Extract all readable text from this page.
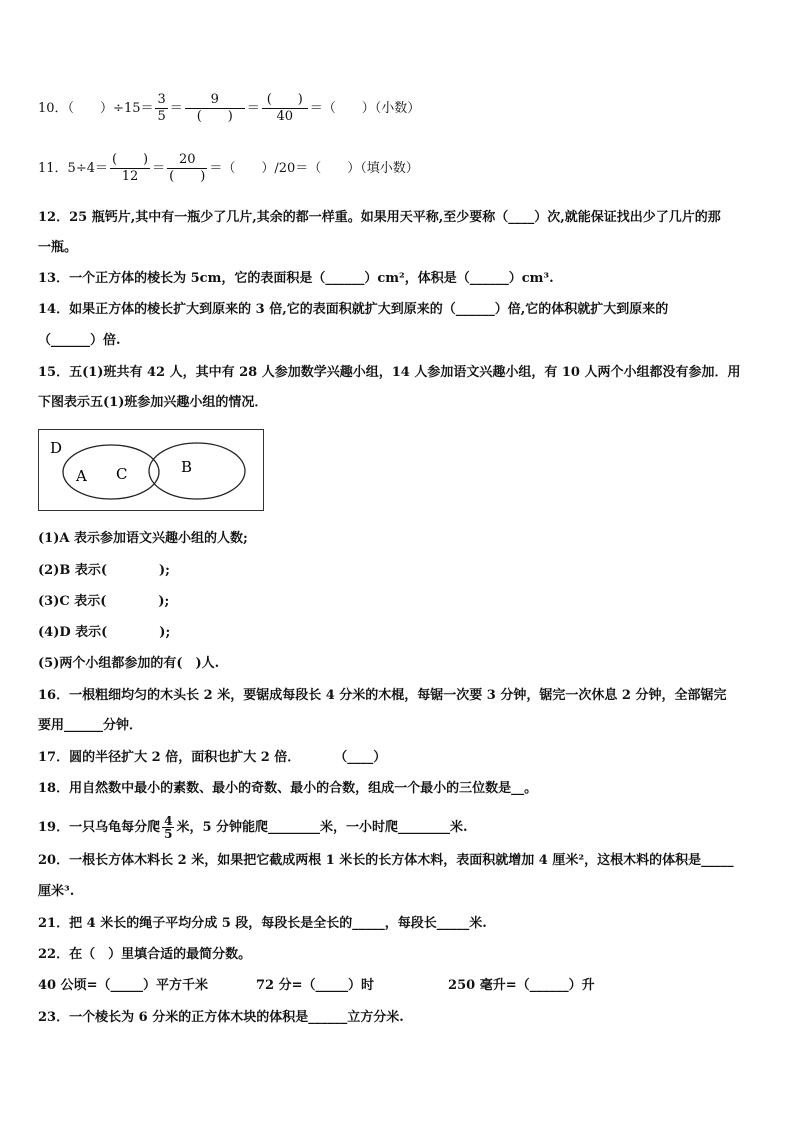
10．（　　）$\div 15= \frac{3}{5} = \frac{9}{( )} = \frac{( )}{40}$ ＝（　　）（小数）
11．$5\div 4= \frac{( )}{12} = \frac{20}{( )}$ ＝（　　）/20＝（　　）（填小数）
12．25 瓶钙片,其中有一瓶少了几片,其余的都一样重。如果用天平称,至少要称（____）次,就能保证找出少了几片的那
一瓶。
13．一个正方体的棱长为 5cm，它的表面积是（______）cm²，体积是（______）cm³.
14．如果正方体的棱长扩大到原来的 3 倍,它的表面积就扩大到原来的（______）倍,它的体积就扩大到原来的
（______）倍.
15．五(1)班共有 42 人，其中有 28 人参加数学兴趣小组，14 人参加语文兴趣小组，有 10 人两个小组都没有参加．用
下图表示五(1)班参加兴趣小组的情况．
D
A C	B
(1)A 表示参加语文兴趣小组的人数;
(2)B 表示(　　　　);
(3)C 表示(　　　　);
(4)D 表示(　　　　);
(5)两个小组都参加的有(　)人.
16．一根粗细均匀的木头长 2 米，要锯成每段长 4 分米的木棍，每锯一次要 3 分钟，锯完一次休息 2 分钟，全部锯完
要用______分钟．
17．圆的半径扩大 2 倍，面积也扩大 2 倍．	（____）
18．用自然数中最小的素数、最小的奇数、最小的合数，组成一个最小的三位数是__。
19．一只乌龟每分爬 $\frac{4}{5}$ 米，5 分钟能爬________米，一小时爬________米.
20．一根长方体木料长 2 米，如果把它截成两根 1 米长的长方体木料，表面积就增加 4 厘米²，这根木料的体积是_____
厘米³.
21．把 4 米长的绳子平均分成 5 段，每段长是全长的_____，每段长_____米.
22．在（　）里填合适的最简分数。
40 公顷=（_____）平方千米	72 分=（_____）时	250 毫升=（______）升
23．一个棱长为 6 分米的正方体木块的体积是______立方分米.
